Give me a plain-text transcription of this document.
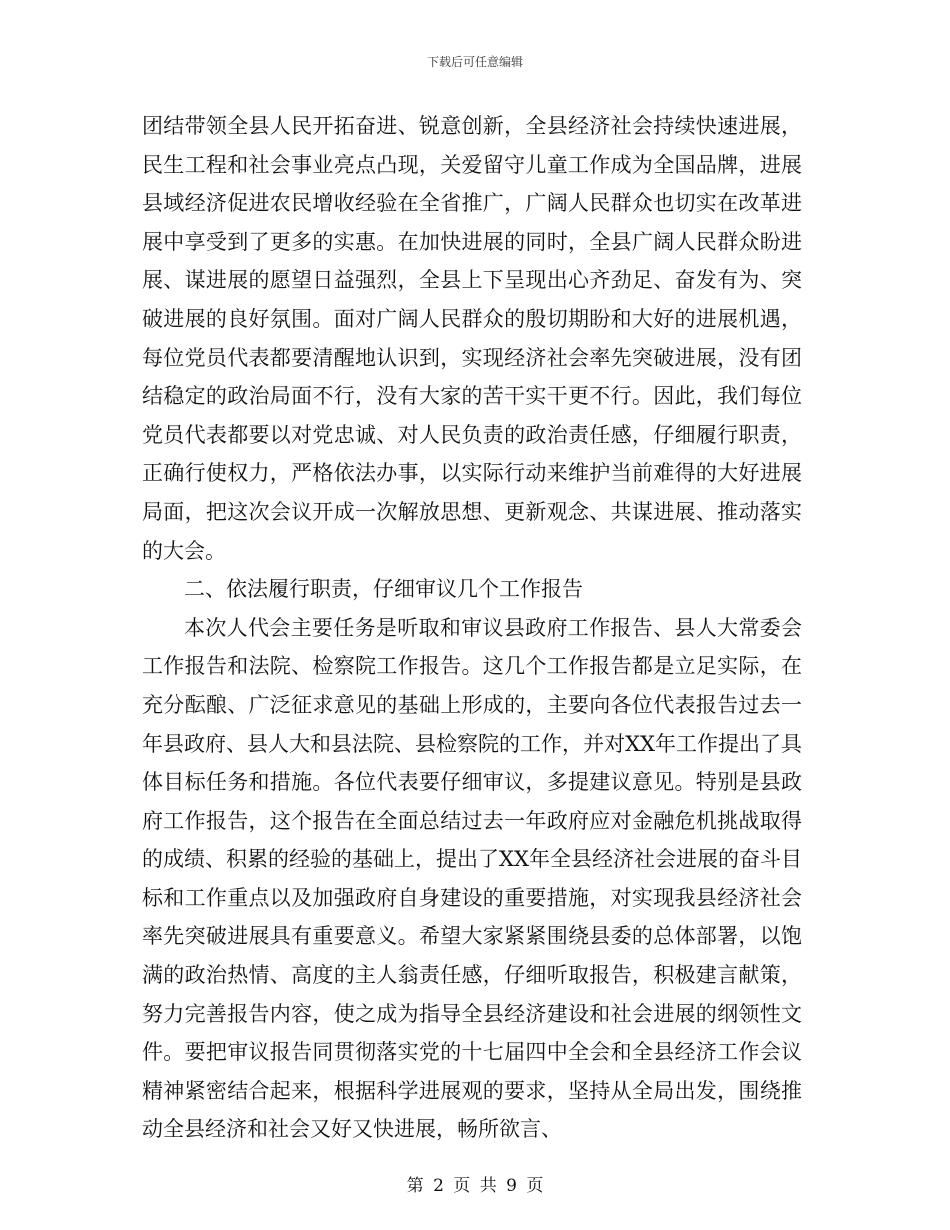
下载后可任意编辑

团结带领全县人民开拓奋进、锐意创新，全县经济社会持续快速进展，民生工程和社会事业亮点凸现，关爱留守儿童工作成为全国品牌，进展县域经济促进农民增收经验在全省推广，广阔人民群众也切实在改革进展中享受到了更多的实惠。在加快进展的同时，全县广阔人民群众盼进展、谋进展的愿望日益强烈，全县上下呈现出心齐劲足、奋发有为、突破进展的良好氛围。面对广阔人民群众的殷切期盼和大好的进展机遇，每位党员代表都要清醒地认识到，实现经济社会率先突破进展，没有团结稳定的政治局面不行，没有大家的苦干实干更不行。因此，我们每位党员代表都要以对党忠诚、对人民负责的政治责任感，仔细履行职责，正确行使权力，严格依法办事，以实际行动来维护当前难得的大好进展局面，把这次会议开成一次解放思想、更新观念、共谋进展、推动落实的大会。

二、依法履行职责，仔细审议几个工作报告

本次人代会主要任务是听取和审议县政府工作报告、县人大常委会工作报告和法院、检察院工作报告。这几个工作报告都是立足实际，在充分酝酿、广泛征求意见的基础上形成的，主要向各位代表报告过去一年县政府、县人大和县法院、县检察院的工作，并对XX年工作提出了具体目标任务和措施。各位代表要仔细审议，多提建议意见。特别是县政府工作报告，这个报告在全面总结过去一年政府应对金融危机挑战取得的成绩、积累的经验的基础上，提出了XX年全县经济社会进展的奋斗目标和工作重点以及加强政府自身建设的重要措施，对实现我县经济社会率先突破进展具有重要意义。希望大家紧紧围绕县委的总体部署，以饱满的政治热情、高度的主人翁责任感，仔细听取报告，积极建言献策，努力完善报告内容，使之成为指导全县经济建设和社会进展的纲领性文件。要把审议报告同贯彻落实党的十七届四中全会和全县经济工作会议精神紧密结合起来，根据科学进展观的要求，坚持从全局出发，围绕推动全县经济和社会又好又快进展，畅所欲言、

第 2 页 共 9 页
